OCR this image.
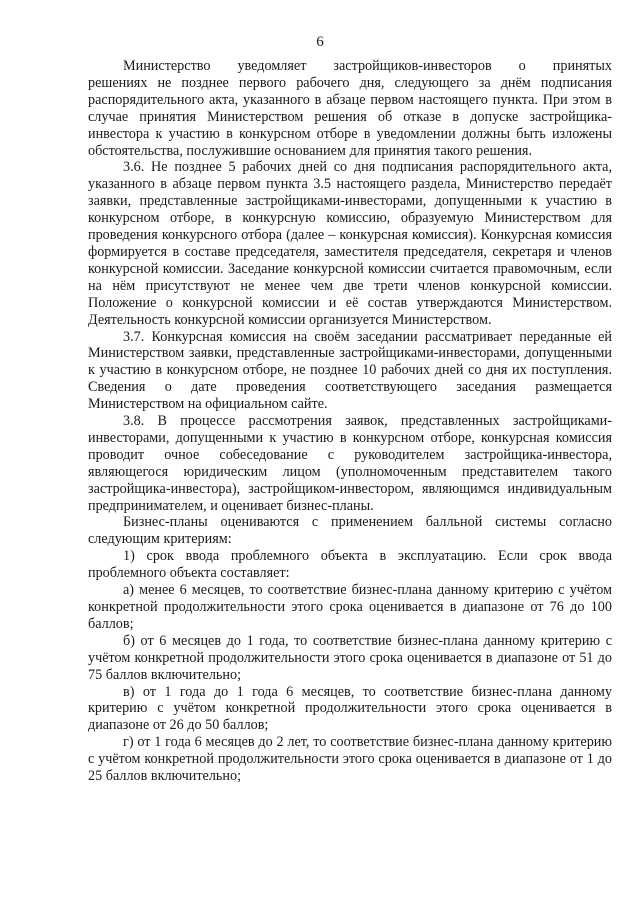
6

Министерство уведомляет застройщиков-инвесторов о принятых
решениях не позднее первого рабочего дня, следующего за днём подписания распорядительного акта, указанного в абзаце первом настоящего пункта. При этом в случае принятия Министерством решения об отказе в допуске застройщика-инвестора к участию в конкурсном отборе в уведомлении должны быть изложены обстоятельства, послужившие основанием для принятия такого решения.

3.6. Не позднее 5 рабочих дней со дня подписания распорядительного акта, указанного в абзаце первом пункта 3.5 настоящего раздела, Министерство передаёт заявки, представленные застройщиками-инвесторами, допущенными к участию в конкурсном отборе, в конкурсную комиссию, образуемую Министерством для проведения конкурсного отбора (далее – конкурсная комиссия). Конкурсная комиссия формируется в составе председателя, заместителя председателя, секретаря и членов конкурсной комиссии. Заседание конкурсной комиссии считается правомочным, если на нём присутствуют не менее чем две трети членов конкурсной комиссии. Положение о конкурсной комиссии и её состав утверждаются Министерством. Деятельность конкурсной комиссии организуется Министерством.

3.7. Конкурсная комиссия на своём заседании рассматривает переданные ей Министерством заявки, представленные застройщиками-инвесторами, допущенными к участию в конкурсном отборе, не позднее 10 рабочих дней со дня их поступления. Сведения о дате проведения соответствующего заседания размещается Министерством на официальном сайте.

3.8. В процессе рассмотрения заявок, представленных застройщиками-инвесторами, допущенными к участию в конкурсном отборе, конкурсная комиссия проводит очное собеседование с руководителем застройщика-инвестора, являющегося юридическим лицом (уполномоченным представителем такого застройщика-инвестора), застройщиком-инвестором, являющимся индивидуальным предпринимателем, и оценивает бизнес-планы.

Бизнес-планы оцениваются с применением балльной системы согласно следующим критериям:

1) срок ввода проблемного объекта в эксплуатацию. Если срок ввода проблемного объекта составляет:

а) менее 6 месяцев, то соответствие бизнес-плана данному критерию с учётом конкретной продолжительности этого срока оценивается в диапазоне от 76 до 100 баллов;

б) от 6 месяцев до 1 года, то соответствие бизнес-плана данному критерию с учётом конкретной продолжительности этого срока оценивается в диапазоне от 51 до 75 баллов включительно;

в) от 1 года до 1 года 6 месяцев, то соответствие бизнес-плана данному критерию с учётом конкретной продолжительности этого срока оценивается в диапазоне от 26 до 50 баллов;

г) от 1 года 6 месяцев до 2 лет, то соответствие бизнес-плана данному критерию с учётом конкретной продолжительности этого срока оценивается в диапазоне от 1 до 25 баллов включительно;
